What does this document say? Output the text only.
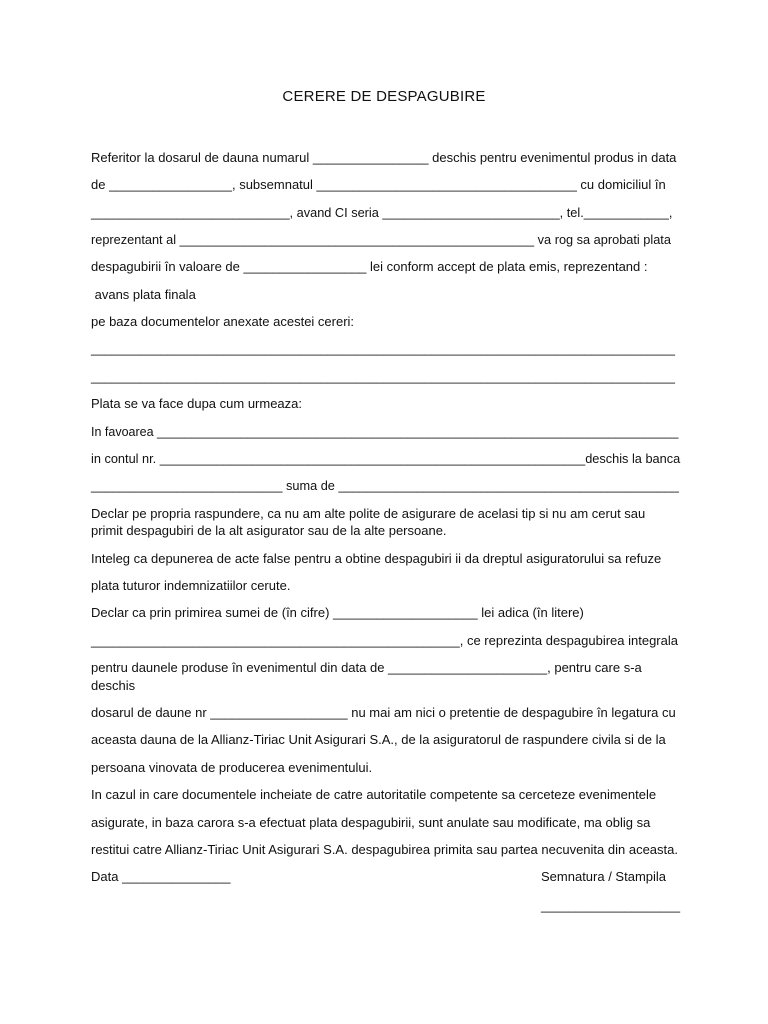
CERERE DE DESPAGUBIRE
Referitor la dosarul de dauna numarul ________________ deschis pentru evenimentul produs in data
de _________________, subsemnatul ____________________________________ cu domiciliul în
____________________________, avand CI seria _________________________, tel.____________,
reprezentant al __________________________________________________ va rog sa aprobati plata
despagubirii în valoare de _________________ lei conform accept de plata emis, reprezentand :
avans plata finala
pe baza documentelor anexate acestei cereri:
____________________________________________________________________________________
____________________________________________________________________________________
Plata se va face dupa cum urmeaza:
In favoarea ___________________________________________________________________________
in contul nr. ____________________________________________________________deschis la banca
___________________________ suma de ________________________________________________
Declar pe propria raspundere, ca nu am alte polite de asigurare de acelasi tip si nu am cerut sau
primit despagubiri de la alt asigurator sau de la alte persoane.
Inteleg ca depunerea de acte false pentru a obtine despagubiri ii da dreptul asiguratorului sa refuze
plata tuturor indemnizatiilor cerute.
Declar ca prin primirea sumei de (în cifre) ____________________ lei adica (în litere)
___________________________________________________, ce reprezinta despagubirea integrala
pentru daunele produse în evenimentul din data de ______________________, pentru care s-a
deschis
dosarul de daune nr ___________________ nu mai am nici o pretentie de despagubire în legatura cu
aceasta dauna de la Allianz-Tiriac Unit Asigurari S.A., de la asiguratorul de raspundere civila si de la
persoana vinovata de producerea evenimentului.
In cazul in care documentele incheiate de catre autoritatile competente sa cerceteze evenimentele
asigurate, in baza carora s-a efectuat plata despagubirii, sunt anulate sau modificate, ma oblig sa
restitui catre Allianz-Tiriac Unit Asigurari S.A. despagubirea primita sau partea necuvenita din aceasta.
Data _______________	Semnatura / Stampila
____________________
